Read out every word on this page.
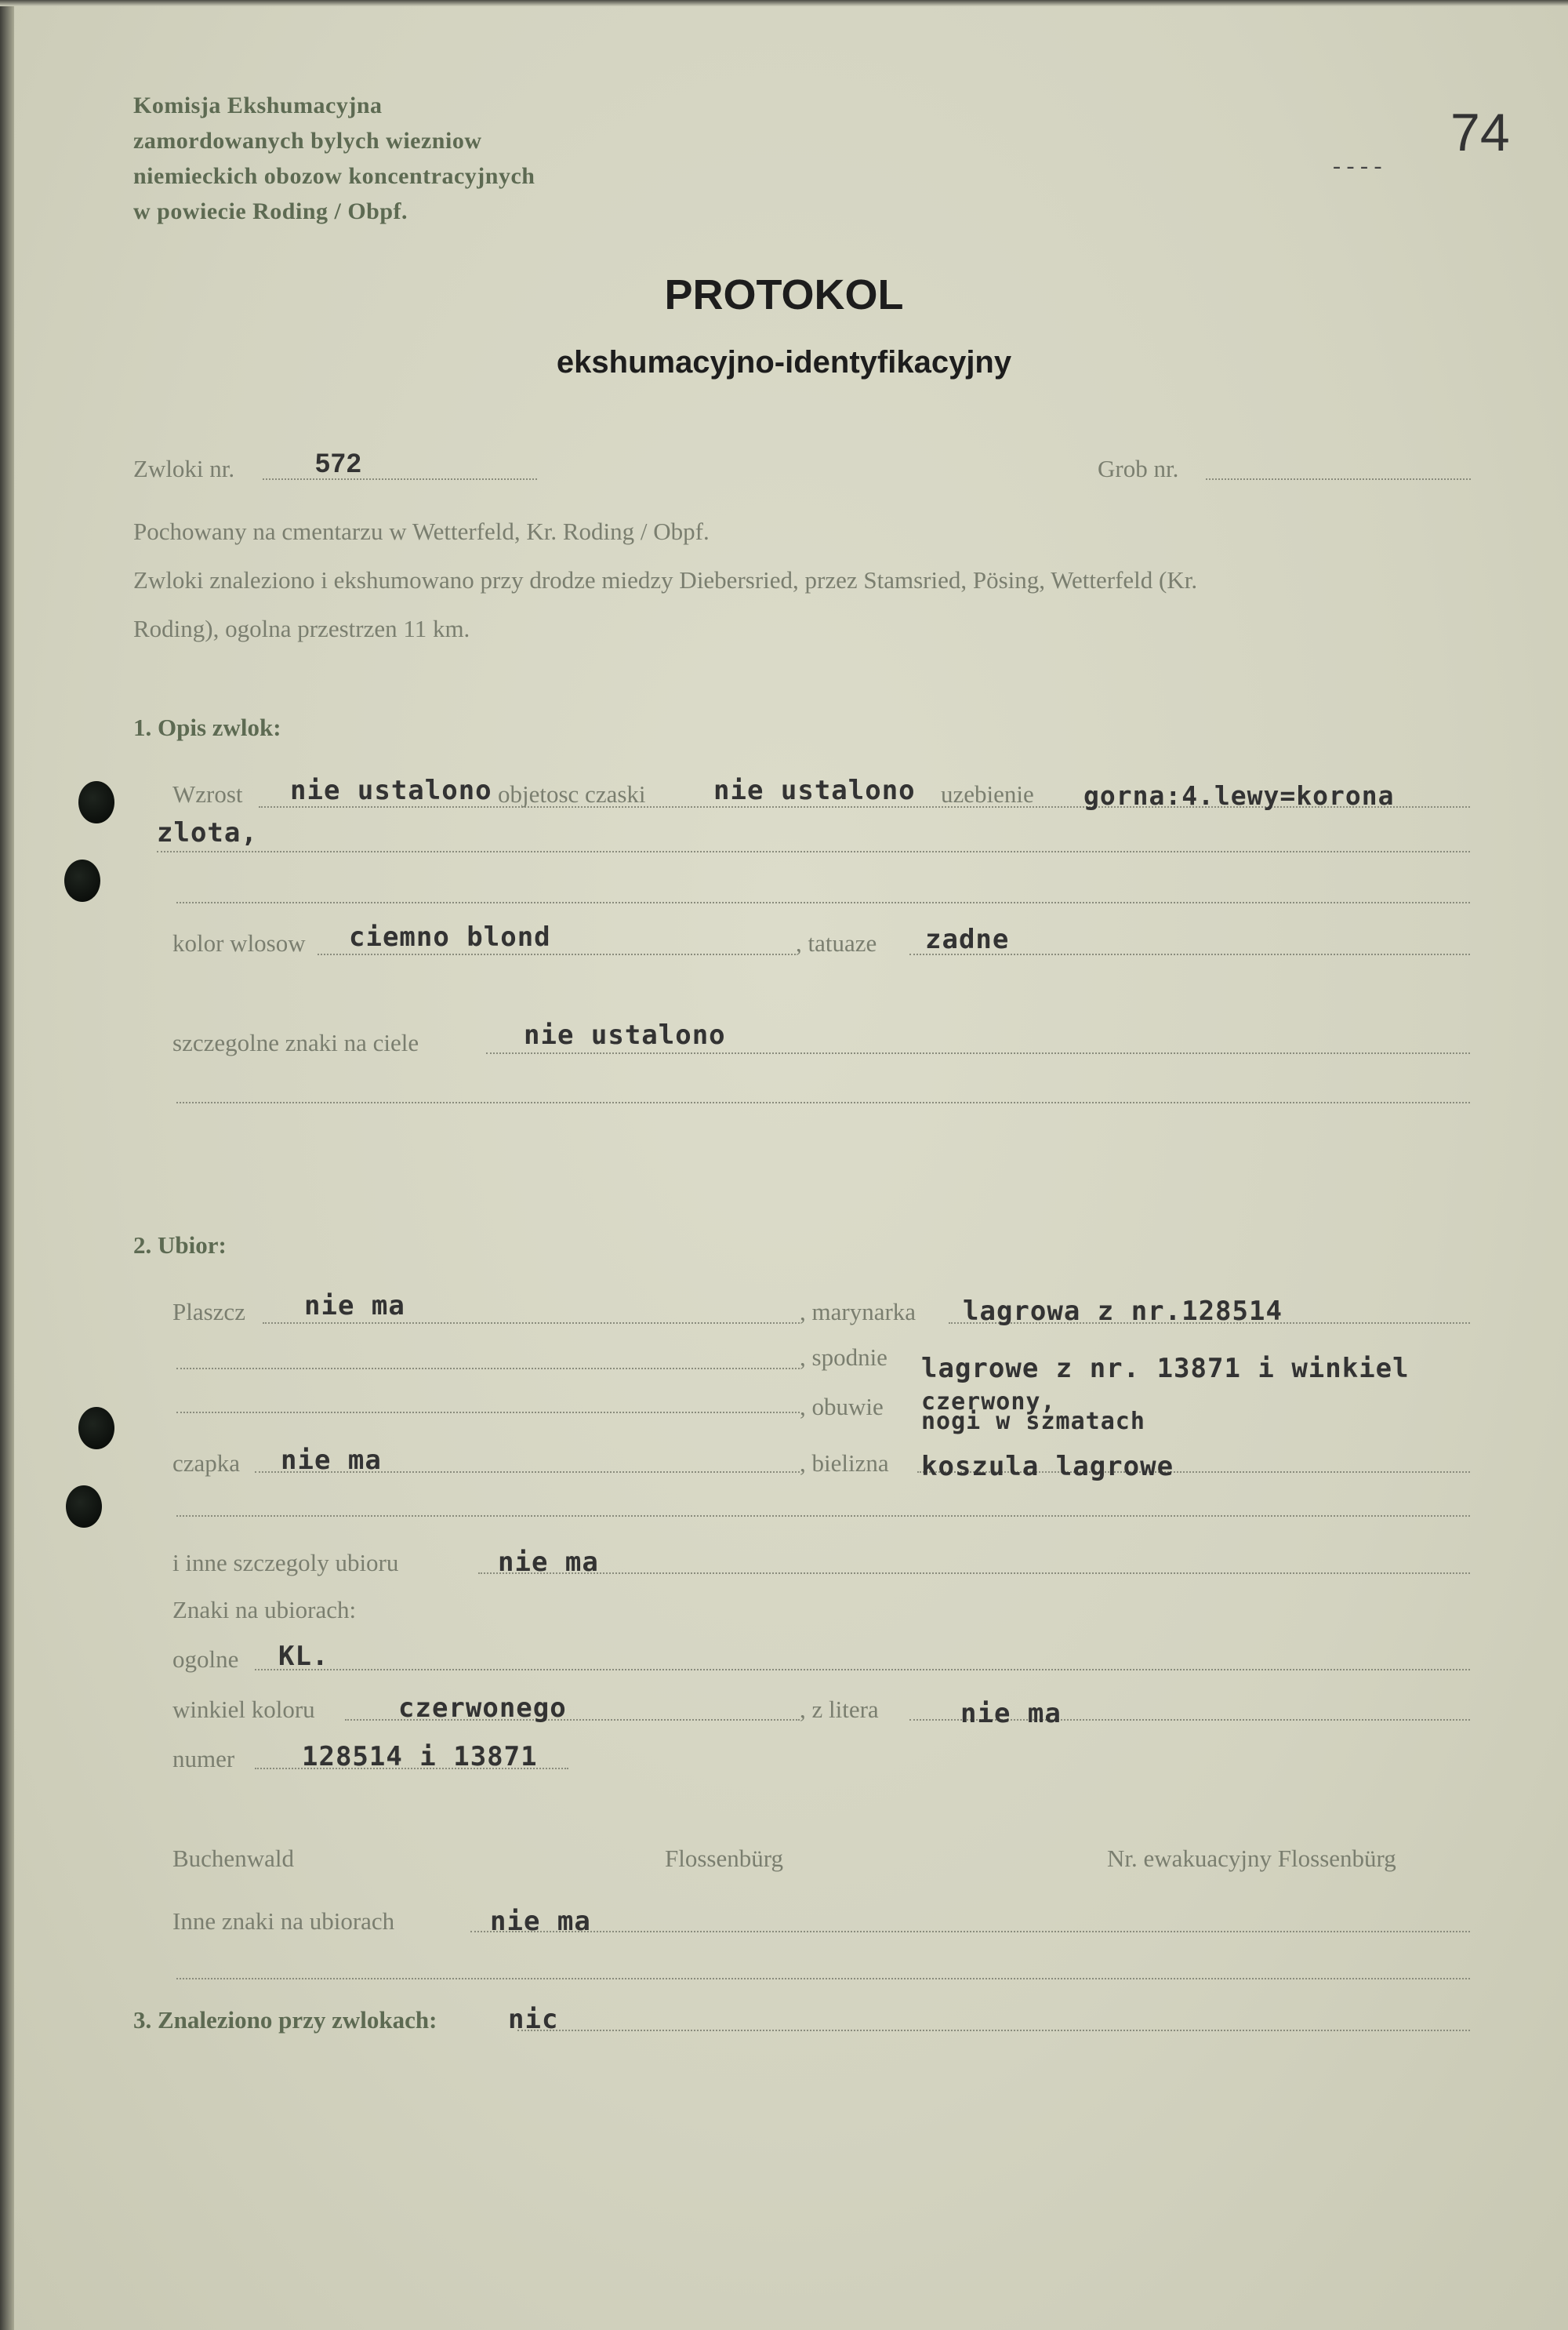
Komisja Ekshumacyjna
zamordowanych bylych wiezniow
niemieckich obozow koncentracyjnych
w powiecie Roding / Obpf.
74
- - - -
PROTOKOL
ekshumacyjno-identyfikacyjny
Zwloki nr.	572	Grob nr.
Pochowany na cmentarzu w Wetterfeld, Kr. Roding / Obpf.
Zwloki znaleziono i ekshumowano przy drodze miedzy Diebersried, przez Stamsried, Pösing, Wetterfeld (Kr.
Roding), ogolna przestrzen 11 km.
1. Opis zwlok:
Wzrost nie ustalono objetosc czaski	nie ustalono uzebienie gorna:4.lewy=korona
zlota,
kolor wlosow ciemno blond	, tatuaze zadne
szczegolne znaki na ciele	nie ustalono
2. Ubior:
Plaszcz nie ma	, marynarka lagrowa z nr.128514
, spodnie lagrowe z nr. 13871 i winkiel
, obuwie czerwony,
nogi w szmatach
czapka nie ma	, bielizna koszula lagrowe
i inne szczegoly ubioru	nie ma
Znaki na ubiorach:
ogolne KL.
winkiel koloru	czerwonego	, z litera	nie ma
numer	128514 i 13871
Buchenwald	Flossenbürg	Nr. ewakuacyjny Flossenbürg
Inne znaki na ubiorach	nie ma
3. Znaleziono przy zwlokach:	nic
